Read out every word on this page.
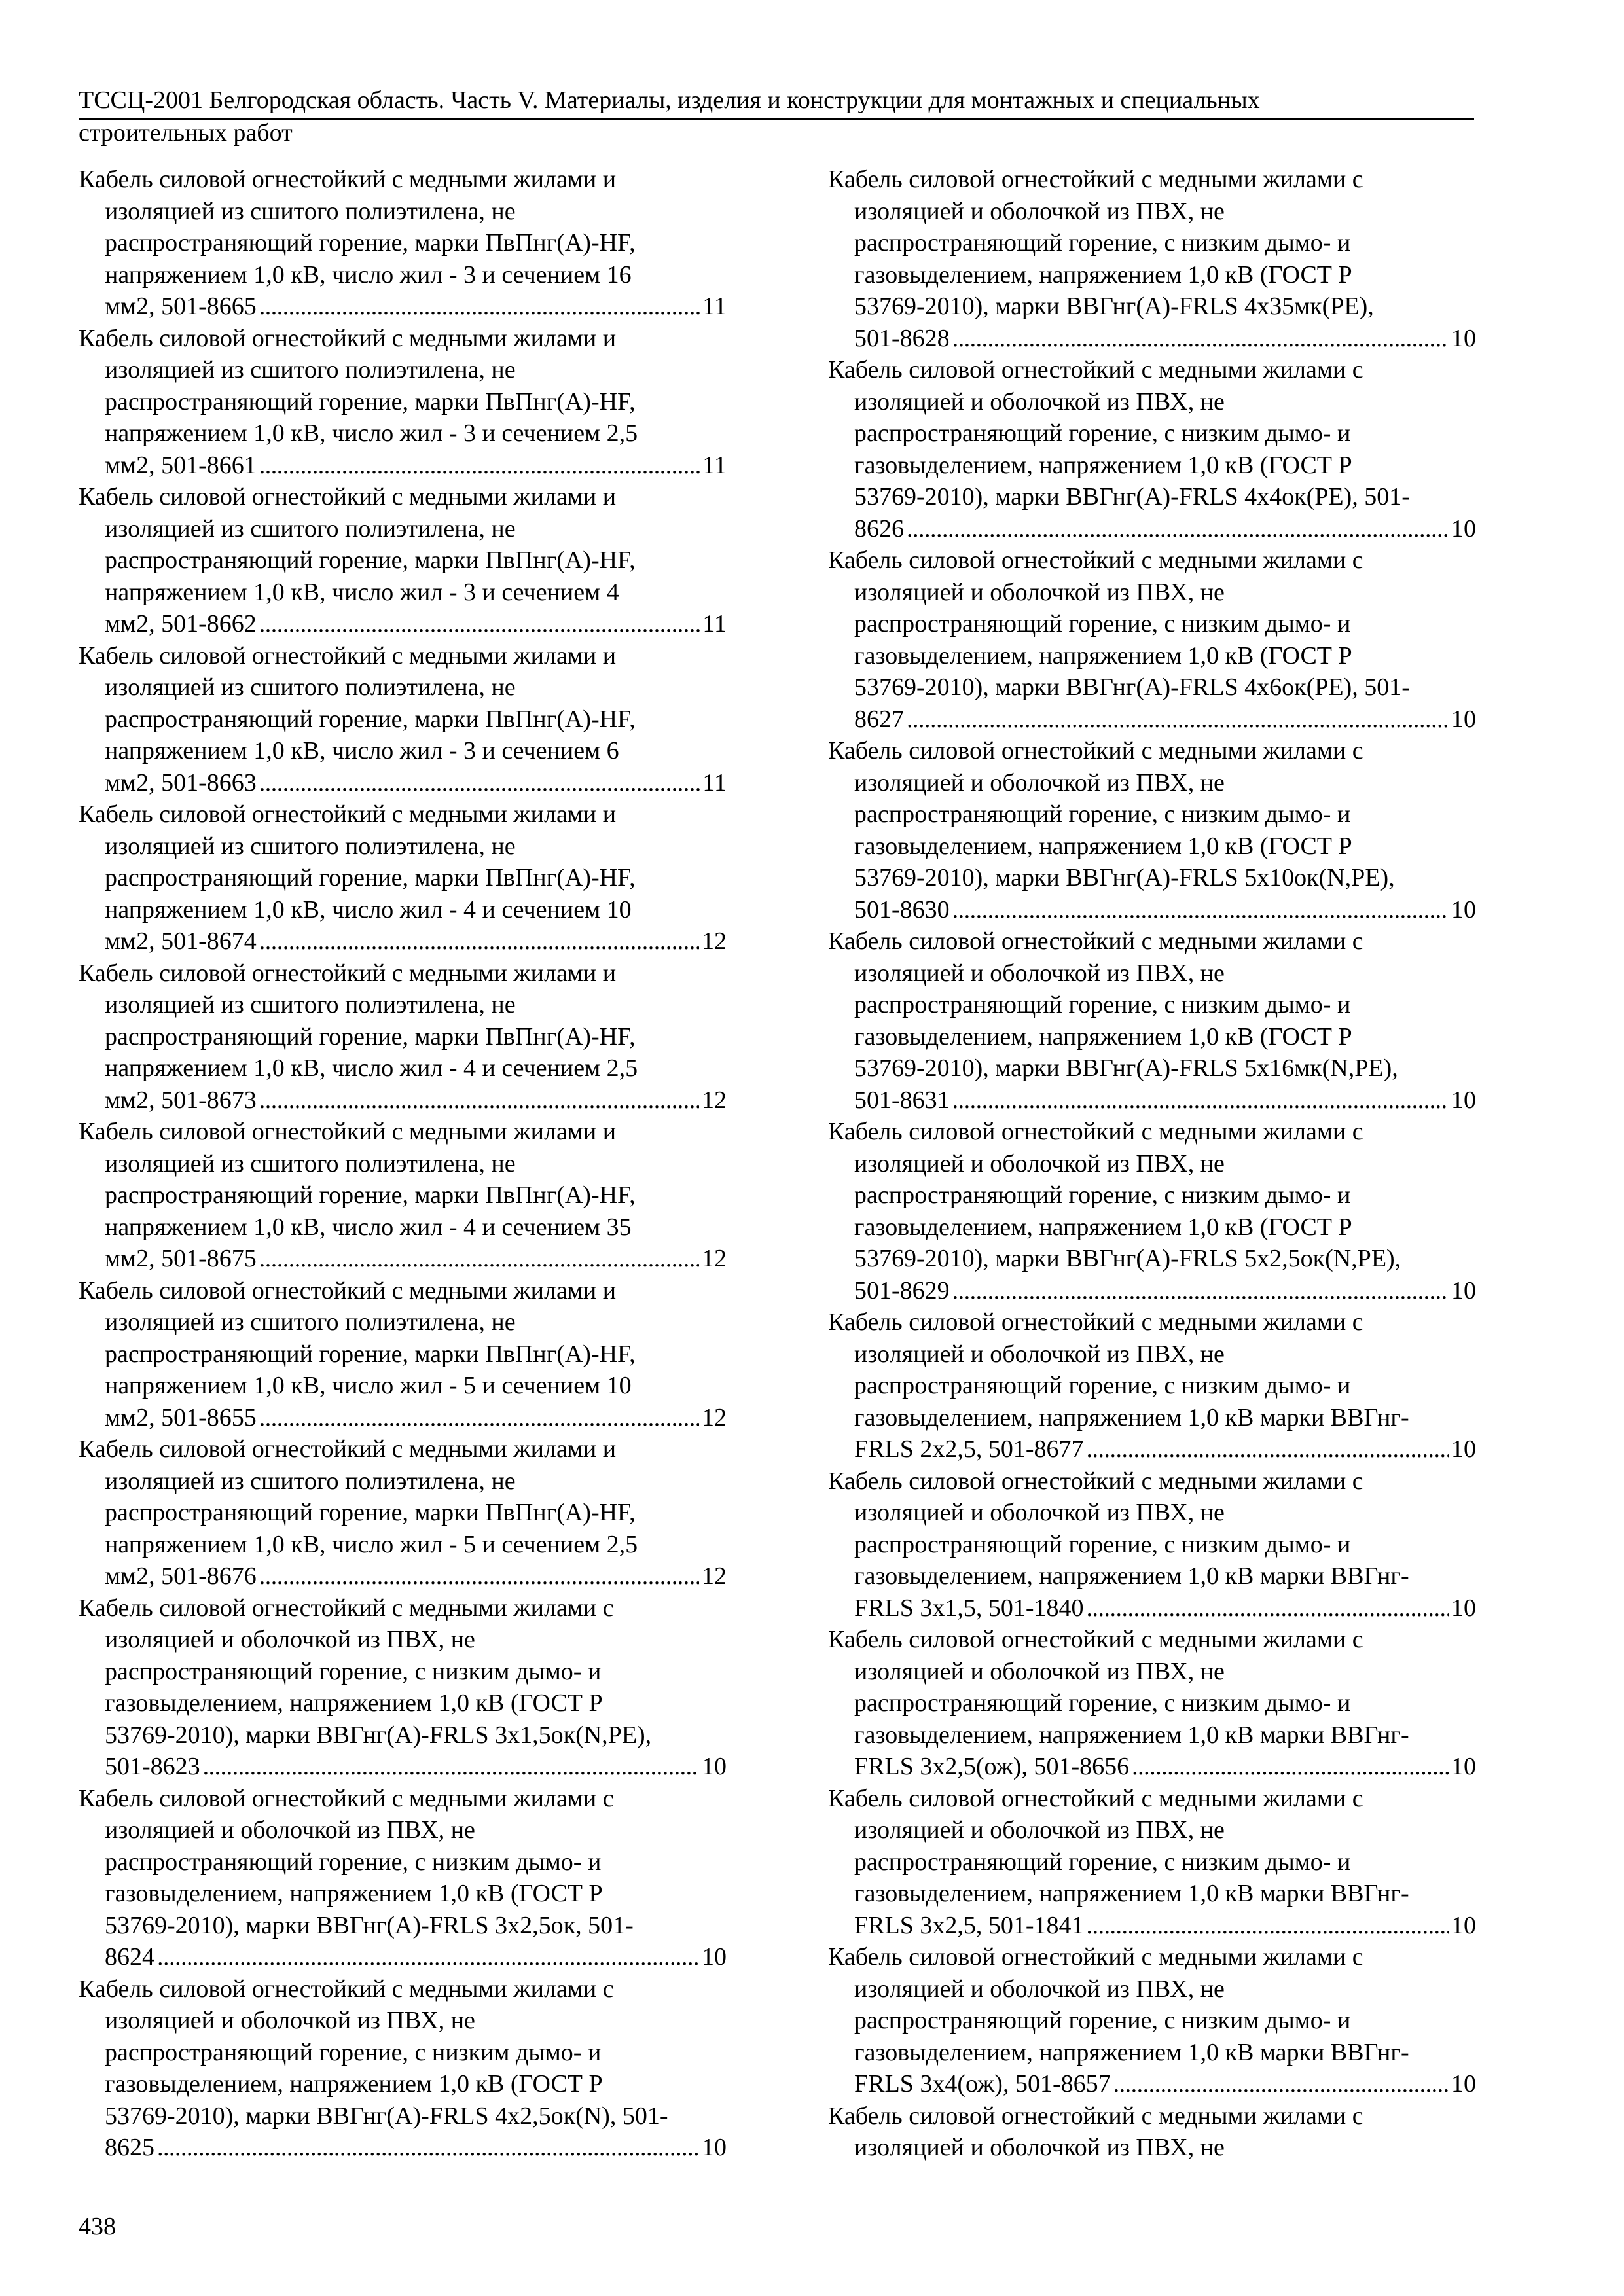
ТССЦ-2001 Белгородская область. Часть V. Материалы, изделия и конструкции для монтажных и специальных
строительных работ
Кабель силовой огнестойкий с медными жилами и
изоляцией из сшитого полиэтилена, не
распространяющий горение, марки ПвПнг(A)-HF,
напряжением 1,0 кВ, число жил - 3 и сечением 16
мм2, 501-8665 . . .	11
Кабель силовой огнестойкий с медными жилами и
изоляцией из сшитого полиэтилена, не
распространяющий горение, марки ПвПнг(A)-HF,
напряжением 1,0 кВ, число жил - 3 и сечением 2,5
мм2, 501-8661 . . .	11
Кабель силовой огнестойкий с медными жилами и
изоляцией из сшитого полиэтилена, не
распространяющий горение, марки ПвПнг(A)-HF,
напряжением 1,0 кВ, число жил - 3 и сечением 4
мм2, 501-8662 . . .	11
Кабель силовой огнестойкий с медными жилами и
изоляцией из сшитого полиэтилена, не
распространяющий горение, марки ПвПнг(A)-HF,
напряжением 1,0 кВ, число жил - 3 и сечением 6
мм2, 501-8663 . . .	11
Кабель силовой огнестойкий с медными жилами и
изоляцией из сшитого полиэтилена, не
распространяющий горение, марки ПвПнг(A)-HF,
напряжением 1,0 кВ, число жил - 4 и сечением 10
мм2, 501-8674 . . .	12
Кабель силовой огнестойкий с медными жилами и
изоляцией из сшитого полиэтилена, не
распространяющий горение, марки ПвПнг(A)-HF,
напряжением 1,0 кВ, число жил - 4 и сечением 2,5
мм2, 501-8673 . . .	12
Кабель силовой огнестойкий с медными жилами и
изоляцией из сшитого полиэтилена, не
распространяющий горение, марки ПвПнг(A)-HF,
напряжением 1,0 кВ, число жил - 4 и сечением 35
мм2, 501-8675 . . .	12
Кабель силовой огнестойкий с медными жилами и
изоляцией из сшитого полиэтилена, не
распространяющий горение, марки ПвПнг(A)-HF,
напряжением 1,0 кВ, число жил - 5 и сечением 10
мм2, 501-8655 . . .	12
Кабель силовой огнестойкий с медными жилами и
изоляцией из сшитого полиэтилена, не
распространяющий горение, марки ПвПнг(A)-HF,
напряжением 1,0 кВ, число жил - 5 и сечением 2,5
мм2, 501-8676 . . .	12
Кабель силовой огнестойкий с медными жилами с
изоляцией и оболочкой из ПВХ, не
распространяющий горение, с низким дымо- и
газовыделением, напряжением 1,0 кВ (ГОСТ Р
53769-2010), марки ВВГнг(A)-FRLS 3х1,5ок(N,PE),
501-8623 . . .	10
Кабель силовой огнестойкий с медными жилами с
изоляцией и оболочкой из ПВХ, не
распространяющий горение, с низким дымо- и
газовыделением, напряжением 1,0 кВ (ГОСТ Р
53769-2010), марки ВВГнг(A)-FRLS 3х2,5ок, 501-
8624 . . .	10
Кабель силовой огнестойкий с медными жилами с
изоляцией и оболочкой из ПВХ, не
распространяющий горение, с низким дымо- и
газовыделением, напряжением 1,0 кВ (ГОСТ Р
53769-2010), марки ВВГнг(A)-FRLS 4х2,5ок(N), 501-
8625 . . .	10
Кабель силовой огнестойкий с медными жилами с
изоляцией и оболочкой из ПВХ, не
распространяющий горение, с низким дымо- и
газовыделением, напряжением 1,0 кВ (ГОСТ Р
53769-2010), марки ВВГнг(A)-FRLS 4х35мк(PE),
501-8628 . . .	10
Кабель силовой огнестойкий с медными жилами с
изоляцией и оболочкой из ПВХ, не
распространяющий горение, с низким дымо- и
газовыделением, напряжением 1,0 кВ (ГОСТ Р
53769-2010), марки ВВГнг(A)-FRLS 4х4ок(PE), 501-
8626 . . .	10
Кабель силовой огнестойкий с медными жилами с
изоляцией и оболочкой из ПВХ, не
распространяющий горение, с низким дымо- и
газовыделением, напряжением 1,0 кВ (ГОСТ Р
53769-2010), марки ВВГнг(A)-FRLS 4х6ок(PE), 501-
8627 . . .	10
Кабель силовой огнестойкий с медными жилами с
изоляцией и оболочкой из ПВХ, не
распространяющий горение, с низким дымо- и
газовыделением, напряжением 1,0 кВ (ГОСТ Р
53769-2010), марки ВВГнг(A)-FRLS 5х10ок(N,PE),
501-8630 . . .	10
Кабель силовой огнестойкий с медными жилами с
изоляцией и оболочкой из ПВХ, не
распространяющий горение, с низким дымо- и
газовыделением, напряжением 1,0 кВ (ГОСТ Р
53769-2010), марки ВВГнг(A)-FRLS 5х16мк(N,PE),
501-8631 . . .	10
Кабель силовой огнестойкий с медными жилами с
изоляцией и оболочкой из ПВХ, не
распространяющий горение, с низким дымо- и
газовыделением, напряжением 1,0 кВ (ГОСТ Р
53769-2010), марки ВВГнг(A)-FRLS 5х2,5ок(N,PE),
501-8629 . . .	10
Кабель силовой огнестойкий с медными жилами с
изоляцией и оболочкой из ПВХ, не
распространяющий горение, с низким дымо- и
газовыделением, напряжением 1,0 кВ марки ВВГнг-
FRLS 2х2,5, 501-8677 . . .	10
Кабель силовой огнестойкий с медными жилами с
изоляцией и оболочкой из ПВХ, не
распространяющий горение, с низким дымо- и
газовыделением, напряжением 1,0 кВ марки ВВГнг-
FRLS 3х1,5, 501-1840 . . .	10
Кабель силовой огнестойкий с медными жилами с
изоляцией и оболочкой из ПВХ, не
распространяющий горение, с низким дымо- и
газовыделением, напряжением 1,0 кВ марки ВВГнг-
FRLS 3х2,5(ож), 501-8656 . . .	10
Кабель силовой огнестойкий с медными жилами с
изоляцией и оболочкой из ПВХ, не
распространяющий горение, с низким дымо- и
газовыделением, напряжением 1,0 кВ марки ВВГнг-
FRLS 3х2,5, 501-1841 . . .	10
Кабель силовой огнестойкий с медными жилами с
изоляцией и оболочкой из ПВХ, не
распространяющий горение, с низким дымо- и
газовыделением, напряжением 1,0 кВ марки ВВГнг-
FRLS 3х4(ож), 501-8657 . . .	10
Кабель силовой огнестойкий с медными жилами с
изоляцией и оболочкой из ПВХ, не
438
